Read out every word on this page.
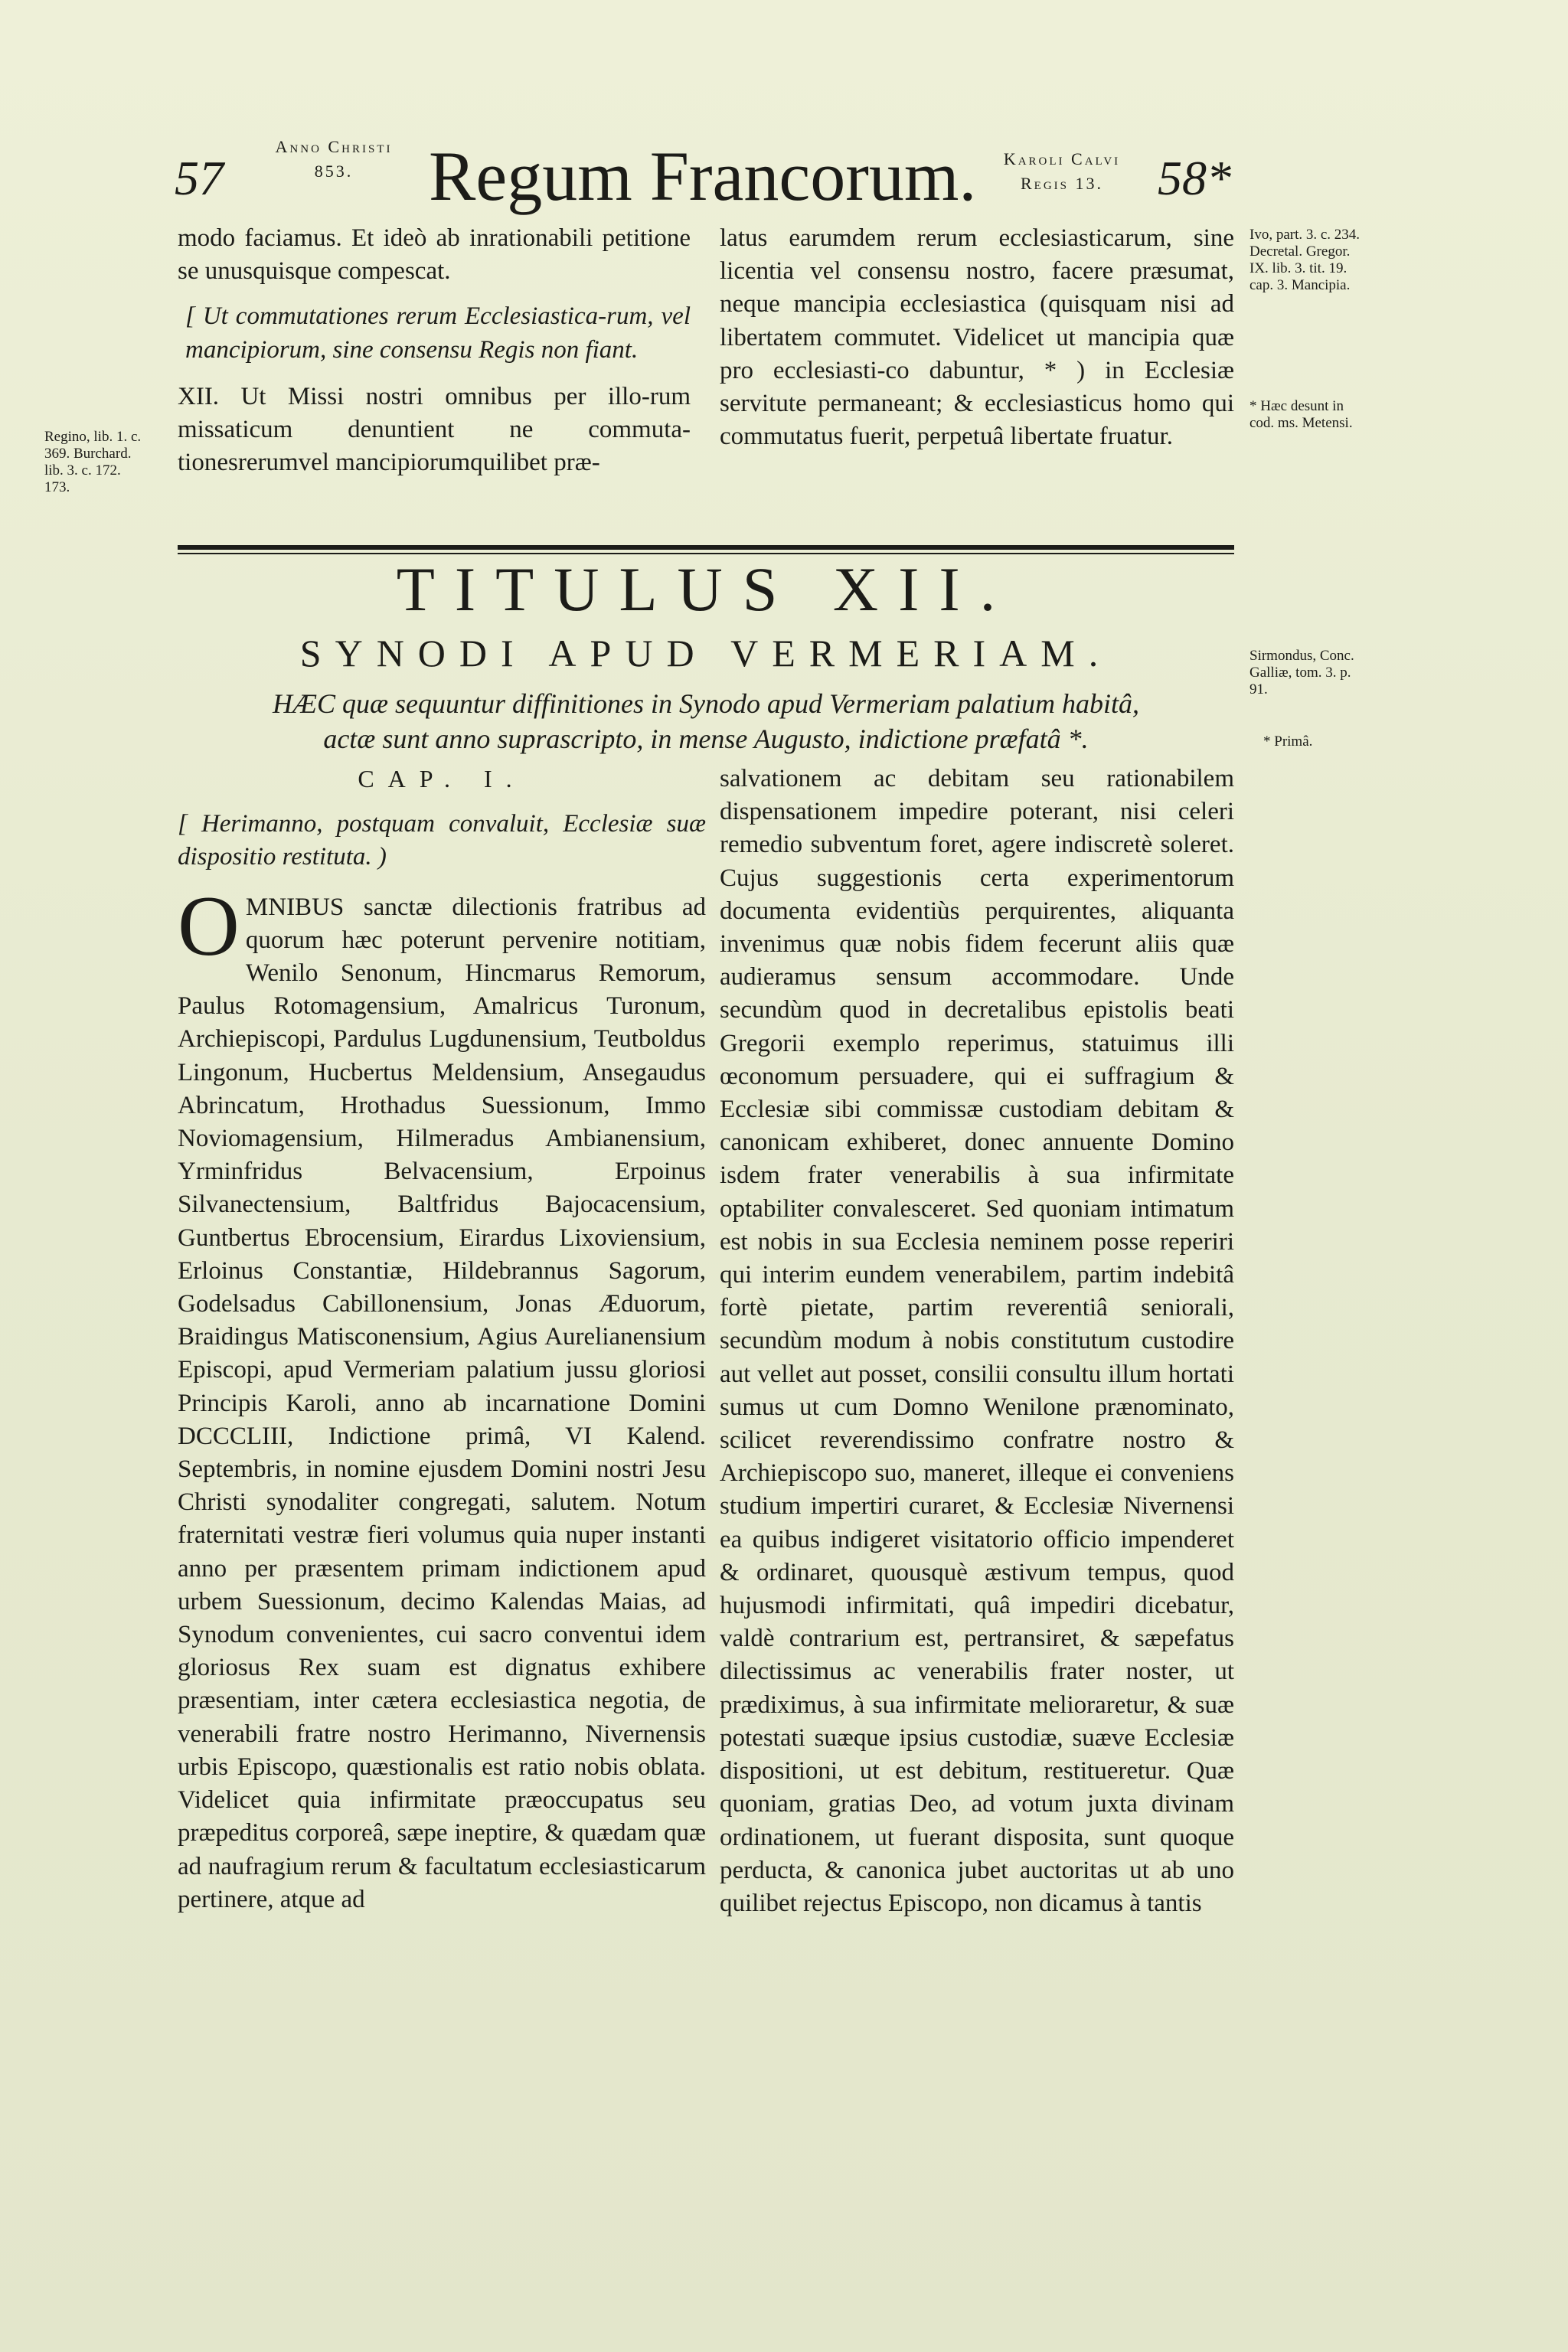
57
Anno Christi
853.	Regum Francorum.	Karoli Calvi
Regis 13.	58*

modo faciamus. Et ideò ab inrationabili petitione se unusquisque compescat.

[ Ut commutationes rerum Ecclesiastica-rum, vel mancipiorum, sine consensu Regis non fiant.

XII. Ut Missi nostri omnibus per illo-rum missaticum denuntient ne commuta-tionesrerumvel mancipiorumquilibet præ-

latus earumdem rerum ecclesiasticarum, sine licentia vel consensu nostro, facere præsumat, neque mancipia ecclesiastica (quisquam nisi ad libertatem commutet. Videlicet ut mancipia quæ pro ecclesiasti-co dabuntur, * ) in Ecclesiæ servitute permaneant; & ecclesiasticus homo qui commutatus fuerit, perpetuâ libertate fruatur.

Regino, lib. 1. c. 369. Burchard. lib. 3. c. 172. 173.
Ivo, part. 3. c. 234. Decretal. Gregor. IX. lib. 3. tit. 19. cap. 3. Mancipia.
* Hæc desunt in cod. ms. Metensi.
Sirmondus, Conc. Galliæ, tom. 3. p. 91.
* Primâ.
TITULUS XII.
SYNODI APUD VERMERIAM.
HÆC quæ sequuntur diffinitiones in Synodo apud Vermeriam palatium habitâ,
actæ sunt anno suprascripto, in mense Augusto, indictione præfatâ *.

CAP. I.

[ Herimanno, postquam convaluit, Ecclesiæ suæ dispositio restituta. )

OMNIBUS sanctæ dilectionis fratribus ad quorum hæc poterunt pervenire notitiam, Wenilo Senonum, Hincmarus Remorum, Paulus Rotomagensium, Amalricus Turonum, Archiepiscopi, Pardulus Lugdunensium, Teutboldus Lingonum, Hucbertus Meldensium, Ansegaudus Abrincatum, Hrothadus Suessionum, Immo Noviomagensium, Hilmeradus Ambianensium, Yrminfridus Belvacensium, Erpoinus Silvanectensium, Baltfridus Bajocacensium, Guntbertus Ebrocensium, Eirardus Lixoviensium, Erloinus Constantiæ, Hildebrannus Sagorum, Godelsadus Cabillonensium, Jonas Æduorum, Braidingus Matisconensium, Agius Aurelianensium Episcopi, apud Vermeriam palatium jussu gloriosi Principis Karoli, anno ab incarnatione Domini DCCCLIII, Indictione primâ, VI Kalend. Septembris, in nomine ejusdem Domini nostri Jesu Christi synodaliter congregati, salutem. Notum fraternitati vestræ fieri volumus quia nuper instanti anno per præsentem primam indictionem apud urbem Suessionum, decimo Kalendas Maias, ad Synodum convenientes, cui sacro conventui idem gloriosus Rex suam est dignatus exhibere præsentiam, inter cætera ecclesiastica negotia, de venerabili fratre nostro Herimanno, Nivernensis urbis Episcopo, quæstionalis est ratio nobis oblata. Videlicet quia infirmitate præoccupatus seu præpeditus corporeâ, sæpe ineptire, & quædam quæ ad naufragium rerum & facultatum ecclesiasticarum pertinere, atque ad

salvationem ac debitam seu rationabilem dispensationem impedire poterant, nisi celeri remedio subventum foret, agere indiscretè soleret. Cujus suggestionis certa experimentorum documenta evidentiùs perquirentes, aliquanta invenimus quæ nobis fidem fecerunt aliis quæ audieramus sensum accommodare. Unde secundùm quod in decretalibus epistolis beati Gregorii exemplo reperimus, statuimus illi œconomum persuadere, qui ei suffragium & Ecclesiæ sibi commissæ custodiam debitam & canonicam exhiberet, donec annuente Domino isdem frater venerabilis à sua infirmitate optabiliter convalesceret. Sed quoniam intimatum est nobis in sua Ecclesia neminem posse reperiri qui interim eundem venerabilem, partim indebitâ fortè pietate, partim reverentiâ seniorali, secundùm modum à nobis constitutum custodire aut vellet aut posset, consilii consultu illum hortati sumus ut cum Domno Wenilone prænominato, scilicet reverendissimo confratre nostro & Archiepiscopo suo, maneret, illeque ei conveniens studium impertiri curaret, & Ecclesiæ Nivernensi ea quibus indigeret visitatorio officio impenderet & ordinaret, quousquè æstivum tempus, quod hujusmodi infirmitati, quâ impediri dicebatur, valdè contrarium est, pertransiret, & sæpefatus dilectissimus ac venerabilis frater noster, ut prædiximus, à sua infirmitate melioraretur, & suæ potestati suæque ipsius custodiæ, suæve Ecclesiæ dispositioni, ut est debitum, restitueretur. Quæ quoniam, gratias Deo, ad votum juxta divinam ordinationem, ut fuerant disposita, sunt quoque perducta, & canonica jubet auctoritas ut ab uno quilibet rejectus Episcopo, non dicamus à tantis
